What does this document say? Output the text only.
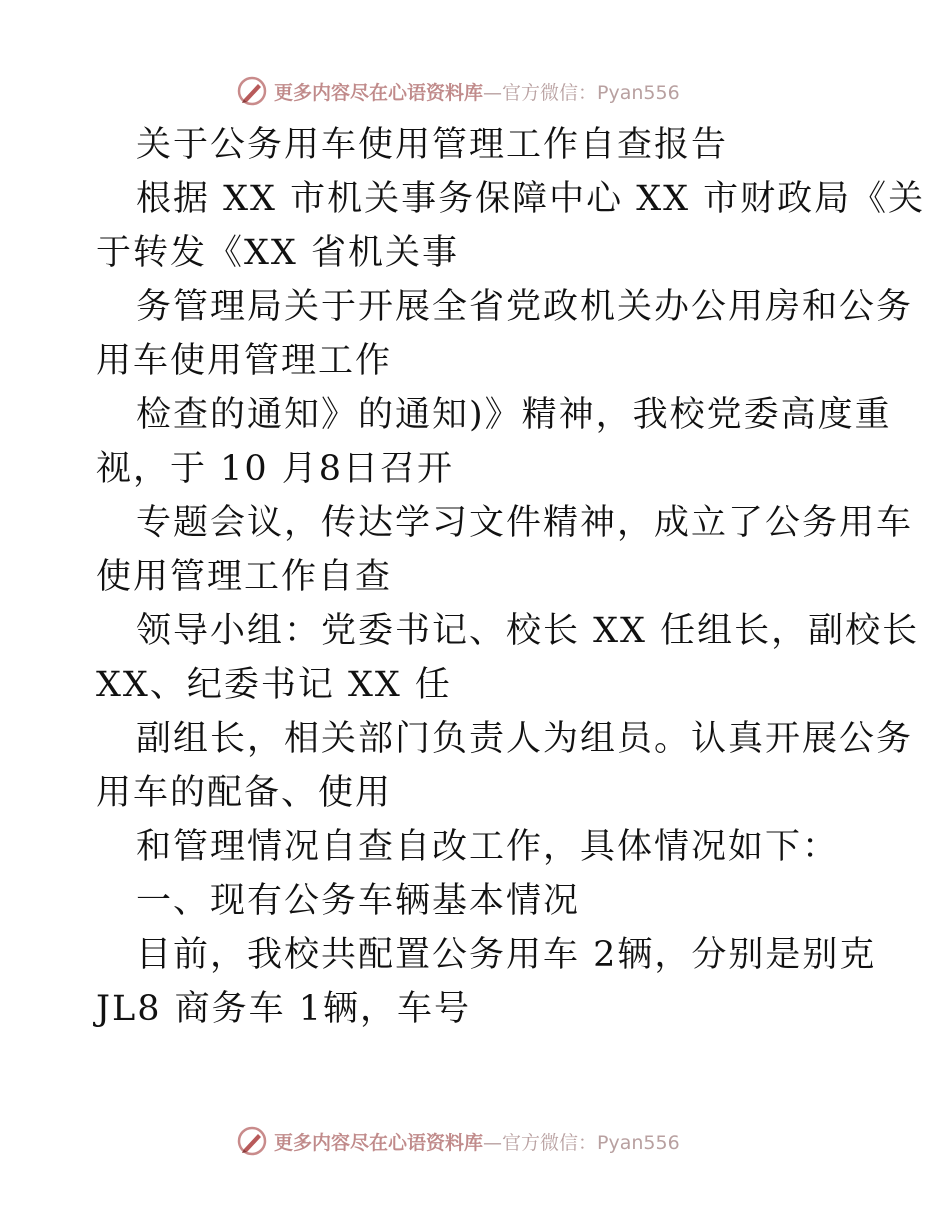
更多内容尽在心语资料库—官方微信：Pyan556
关于公务用车使用管理工作自查报告
根据 XX 市机关事务保障中心 XX 市财政局《关
于转发《XX 省机关事
务管理局关于开展全省党政机关办公用房和公务
用车使用管理工作
检查的通知》的通知)》精神，我校党委高度重
视，于 10 月8日召开
专题会议，传达学习文件精神，成立了公务用车
使用管理工作自查
领导小组：党委书记、校长 XX 任组长，副校长
XX、纪委书记 XX 任
副组长，相关部门负责人为组员。认真开展公务
用车的配备、使用
和管理情况自查自改工作，具体情况如下：
一、现有公务车辆基本情况
目前，我校共配置公务用车 2辆，分别是别克
JL8 商务车 1辆，车号
更多内容尽在心语资料库—官方微信：Pyan556
